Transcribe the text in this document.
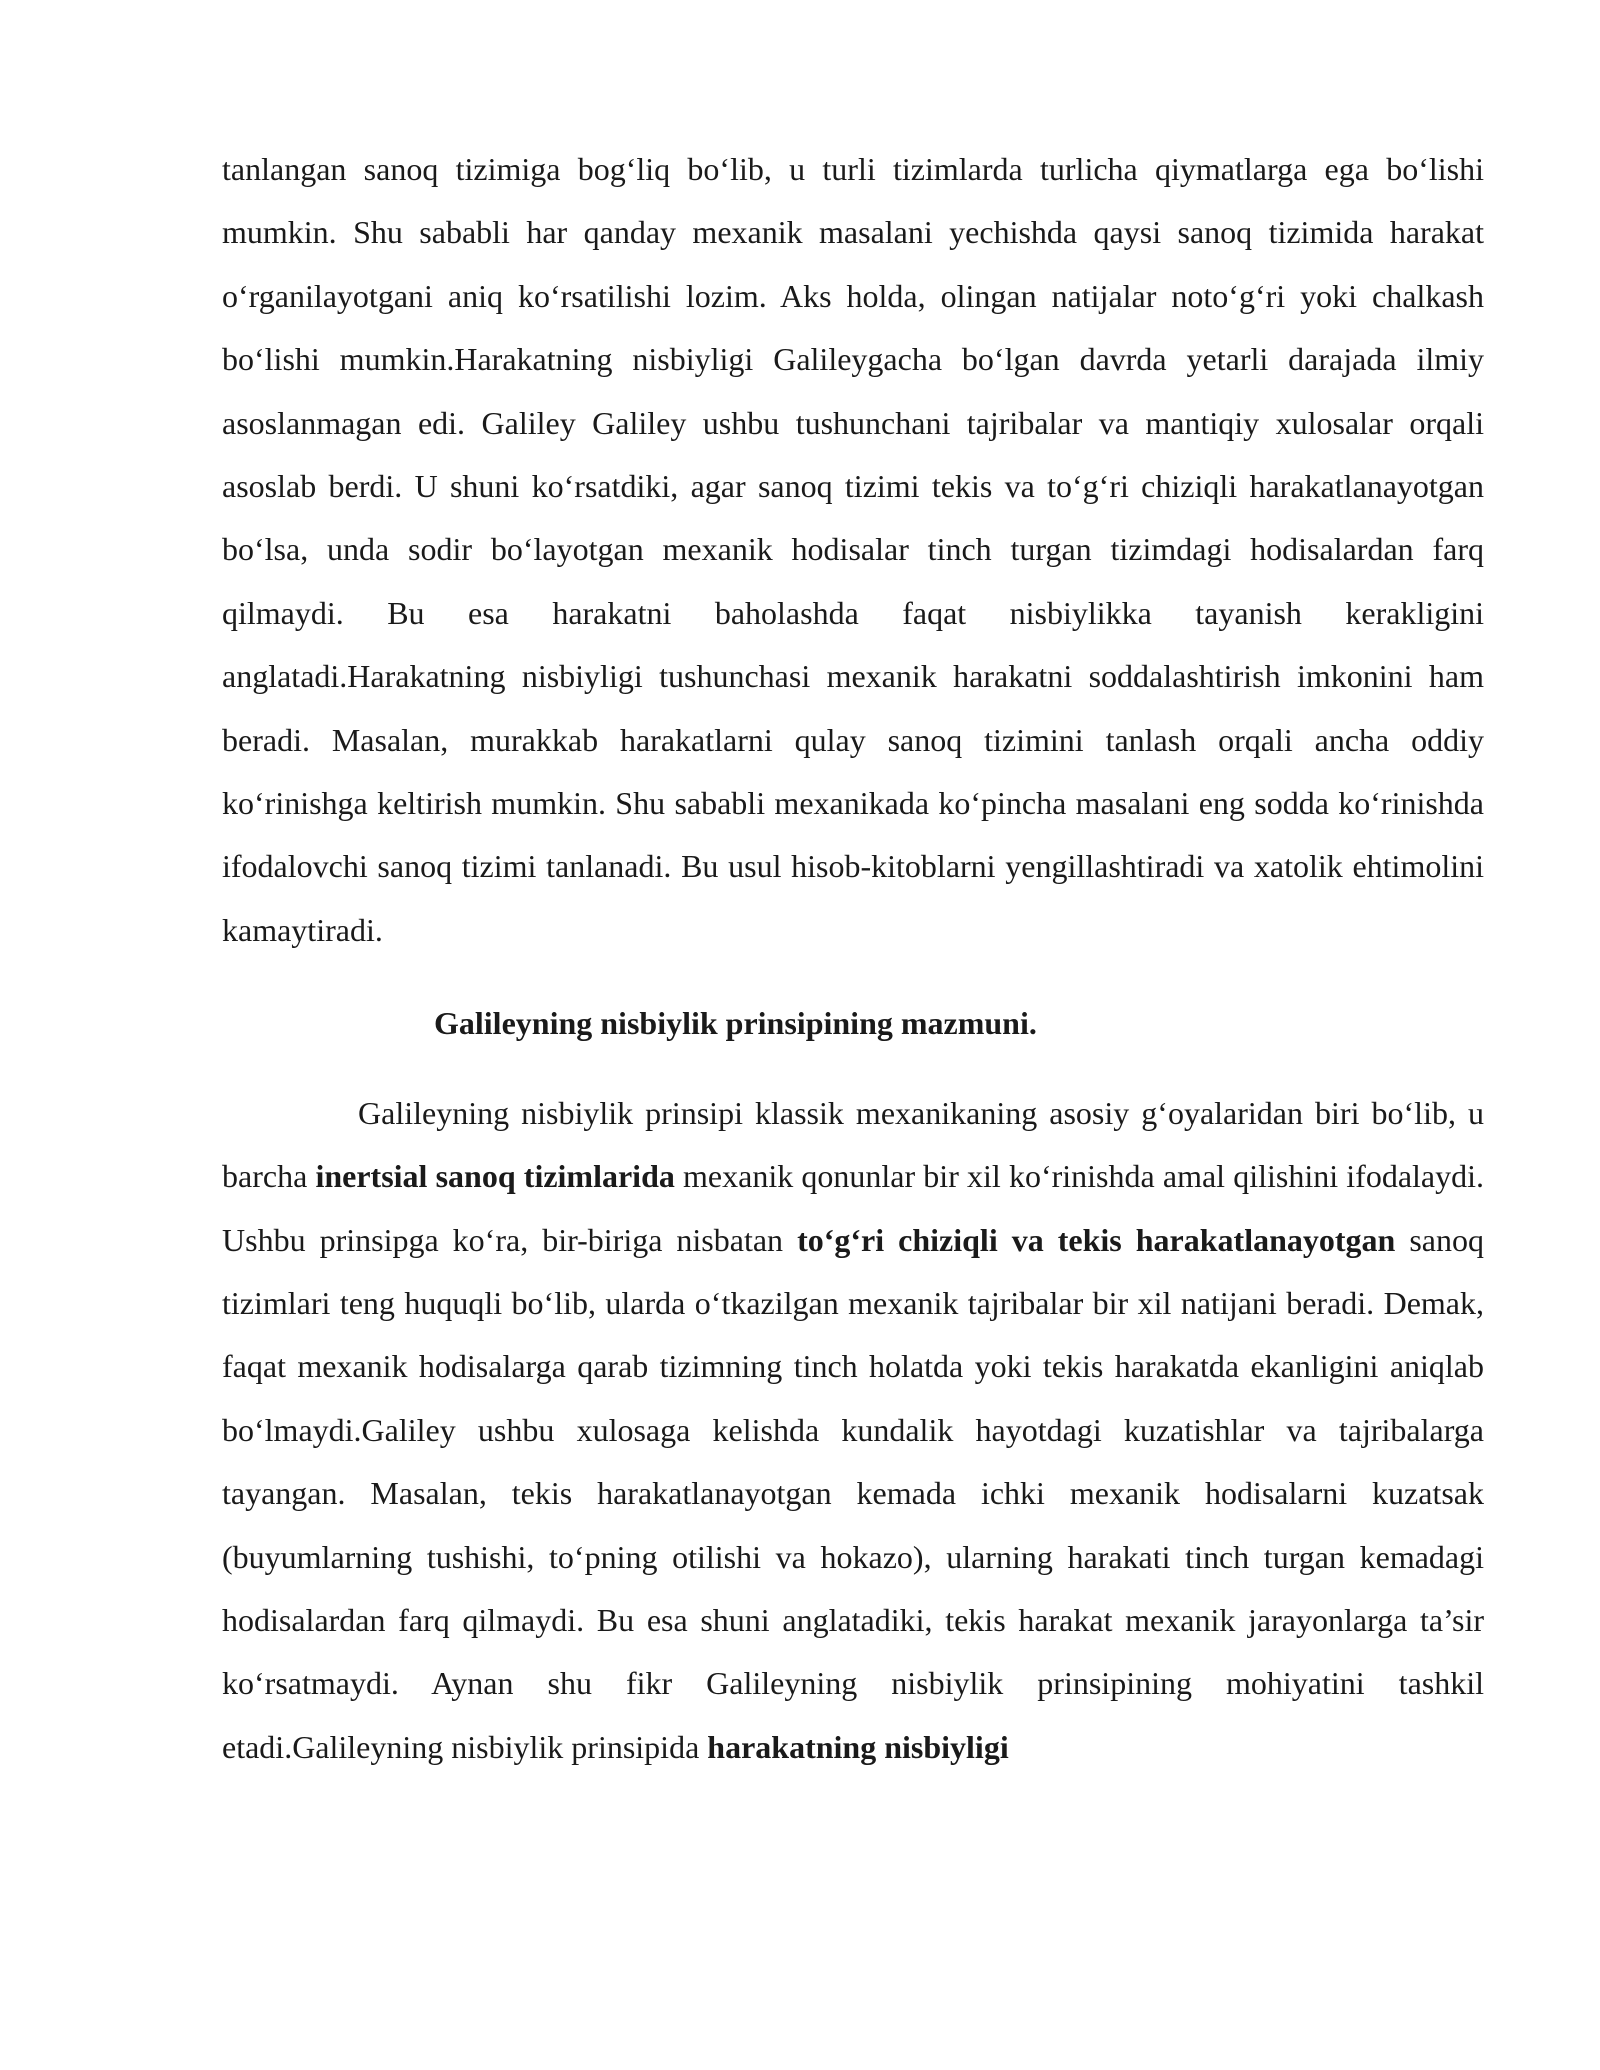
tanlangan sanoq tizimiga bog‘liq bo‘lib, u turli tizimlarda turlicha qiymatlarga ega bo‘lishi mumkin. Shu sababli har qanday mexanik masalani yechishda qaysi sanoq tizimida harakat o‘rganilayotgani aniq ko‘rsatilishi lozim. Aks holda, olingan natijalar noto‘g‘ri yoki chalkash bo‘lishi mumkin.Harakatning nisbiyligi Galileygacha bo‘lgan davrda yetarli darajada ilmiy asoslanmagan edi. Galiley Galiley ushbu tushunchani tajribalar va mantiqiy xulosalar orqali asoslab berdi. U shuni ko‘rsatdiki, agar sanoq tizimi tekis va to‘g‘ri chiziqli harakatlanayotgan bo‘lsa, unda sodir bo‘layotgan mexanik hodisalar tinch turgan tizimdagi hodisalardan farq qilmaydi. Bu esa harakatni baholashda faqat nisbiylikka tayanish kerakligini anglatadi.Harakatning nisbiyligi tushunchasi mexanik harakatni soddalashtirish imkonini ham beradi. Masalan, murakkab harakatlarni qulay sanoq tizimini tanlash orqali ancha oddiy ko‘rinishga keltirish mumkin. Shu sababli mexanikada ko‘pincha masalani eng sodda ko‘rinishda ifodalovchi sanoq tizimi tanlanadi. Bu usul hisob-kitoblarni yengillashtiradi va xatolik ehtimolini kamaytiradi.

Galileyning nisbiylik prinsipining mazmuni.

Galileyning nisbiylik prinsipi klassik mexanikaning asosiy g‘oyalaridan biri bo‘lib, u barcha inertsial sanoq tizimlarida mexanik qonunlar bir xil ko‘rinishda amal qilishini ifodalaydi. Ushbu prinsipga ko‘ra, bir-biriga nisbatan to‘g‘ri chiziqli va tekis harakatlanayotgan sanoq tizimlari teng huquqli bo‘lib, ularda o‘tkazilgan mexanik tajribalar bir xil natijani beradi. Demak, faqat mexanik hodisalarga qarab tizimning tinch holatda yoki tekis harakatda ekanligini aniqlab bo‘lmaydi.Galiley ushbu xulosaga kelishda kundalik hayotdagi kuzatishlar va tajribalarga tayangan. Masalan, tekis harakatlanayotgan kemada ichki mexanik hodisalarni kuzatsak (buyumlarning tushishi, to‘pning otilishi va hokazo), ularning harakati tinch turgan kemadagi hodisalardan farq qilmaydi. Bu esa shuni anglatadiki, tekis harakat mexanik jarayonlarga ta’sir ko‘rsatmaydi. Aynan shu fikr Galileyning nisbiylik prinsipining mohiyatini tashkil etadi.Galileyning nisbiylik prinsipida harakatning nisbiyligi
